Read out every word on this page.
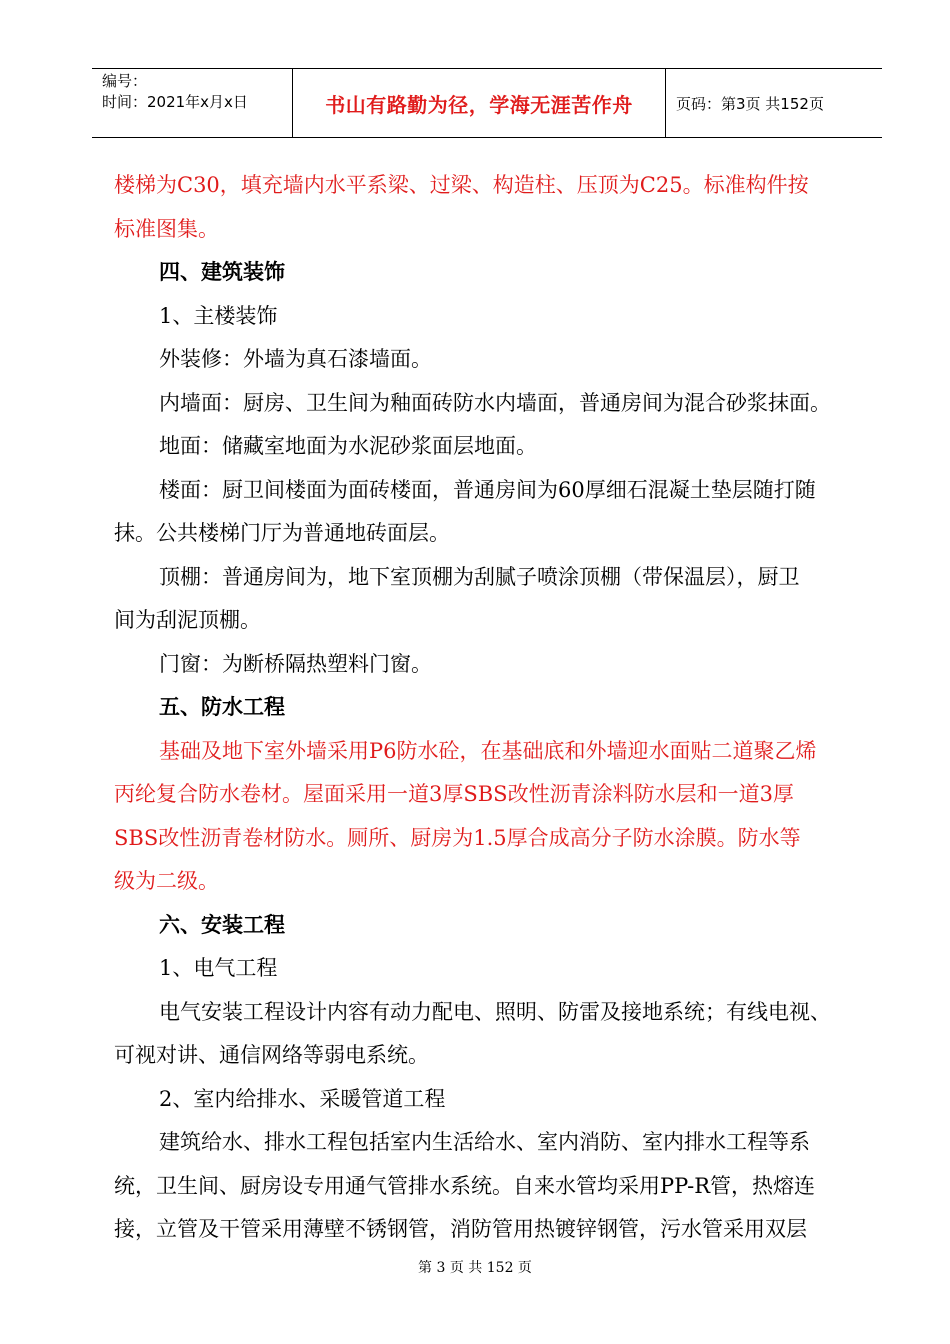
编号：
时间：2021年x月x日	书山有路勤为径，学海无涯苦作舟	页码：第3页 共152页

楼梯为C30，填充墙内水平系梁、过梁、构造柱、压顶为C25。标准构件按

标准图集。

四、建筑装饰

1、主楼装饰

外装修：外墙为真石漆墙面。

内墙面：厨房、卫生间为釉面砖防水内墙面，普通房间为混合砂浆抹面。

地面：储藏室地面为水泥砂浆面层地面。

楼面：厨卫间楼面为面砖楼面，普通房间为60厚细石混凝土垫层随打随

抹。公共楼梯门厅为普通地砖面层。

顶棚：普通房间为，地下室顶棚为刮腻子喷涂顶棚（带保温层），厨卫

间为刮泥顶棚。

门窗：为断桥隔热塑料门窗。

五、防水工程

基础及地下室外墙采用P6防水砼，在基础底和外墙迎水面贴二道聚乙烯

丙纶复合防水卷材。屋面采用一道3厚SBS改性沥青涂料防水层和一道3厚

SBS改性沥青卷材防水。厕所、厨房为1.5厚合成高分子防水涂膜。防水等

级为二级。

六、安装工程

1、电气工程

电气安装工程设计内容有动力配电、照明、防雷及接地系统；有线电视、

可视对讲、通信网络等弱电系统。

2、室内给排水、采暖管道工程

建筑给水、排水工程包括室内生活给水、室内消防、室内排水工程等系

统，卫生间、厨房设专用通气管排水系统。自来水管均采用PP-R管，热熔连

接，立管及干管采用薄壁不锈钢管，消防管用热镀锌钢管，污水管采用双层

第 3 页 共 152 页
